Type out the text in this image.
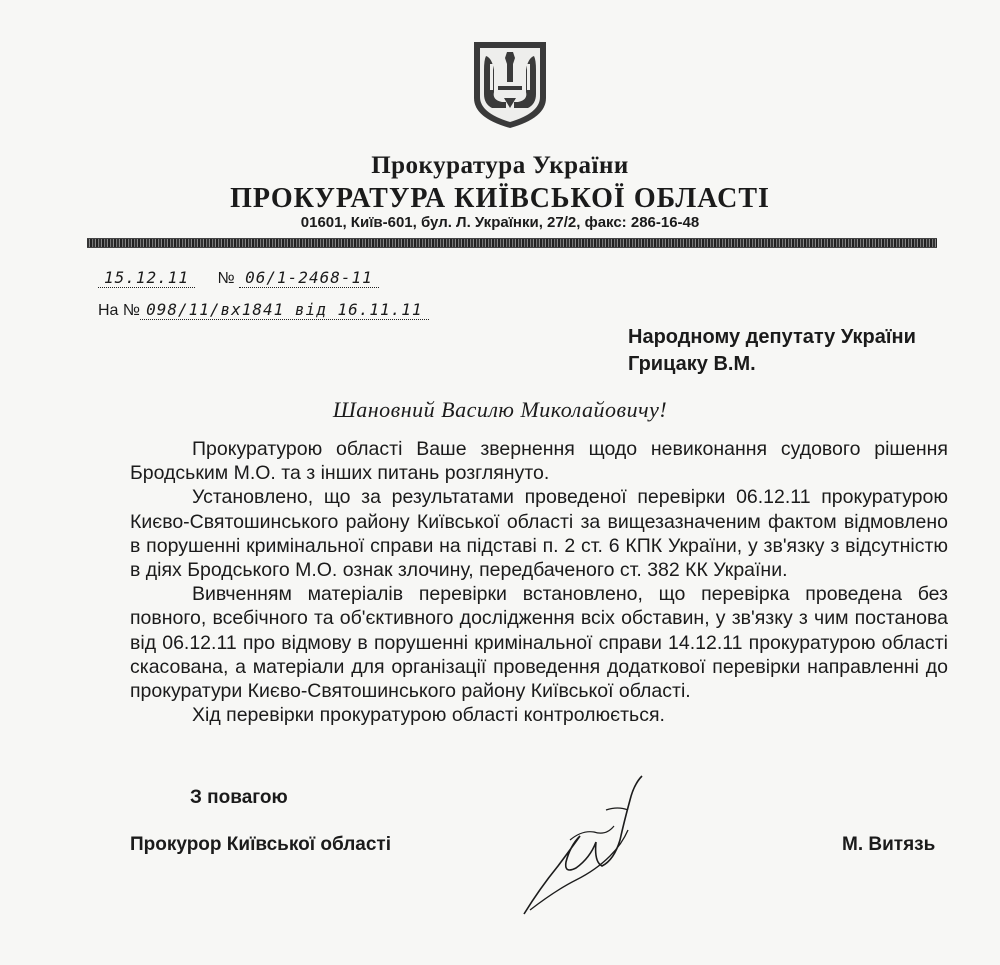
Прокуратура України
ПРОКУРАТУРА КИЇВСЬКОЇ ОБЛАСТІ
01601, Київ-601, бул. Л. Українки, 27/2, факс: 286-16-48
15.12.11 № 06/1-2468-11
На № 098/11/вх1841 від 16.11.11
Народному депутату України
Грицаку В.М.
Шановний Василю Миколайовичу!

Прокуратурою області Ваше звернення щодо невиконання судового рішення Бродським М.О. та з інших питань розглянуто.

Установлено, що за результатами проведеної перевірки 06.12.11 прокуратурою Києво-Святошинського району Київської області за вищезазначеним фактом відмовлено в порушенні кримінальної справи на підставі п. 2 ст. 6 КПК України, у зв'язку з відсутністю в діях Бродського М.О. ознак злочину, передбаченого ст. 382 КК України.

Вивченням матеріалів перевірки встановлено, що перевірка проведена без повного, всебічного та об'єктивного дослідження всіх обставин, у зв'язку з чим постанова від 06.12.11 про відмову в порушенні кримінальної справи 14.12.11 прокуратурою області скасована, а матеріали для організації проведення додаткової перевірки направленні до прокуратури Києво-Святошинського району Київської області.

Хід перевірки прокуратурою області контролюється.

З повагою
Прокурор Київської області	М. Витязь
